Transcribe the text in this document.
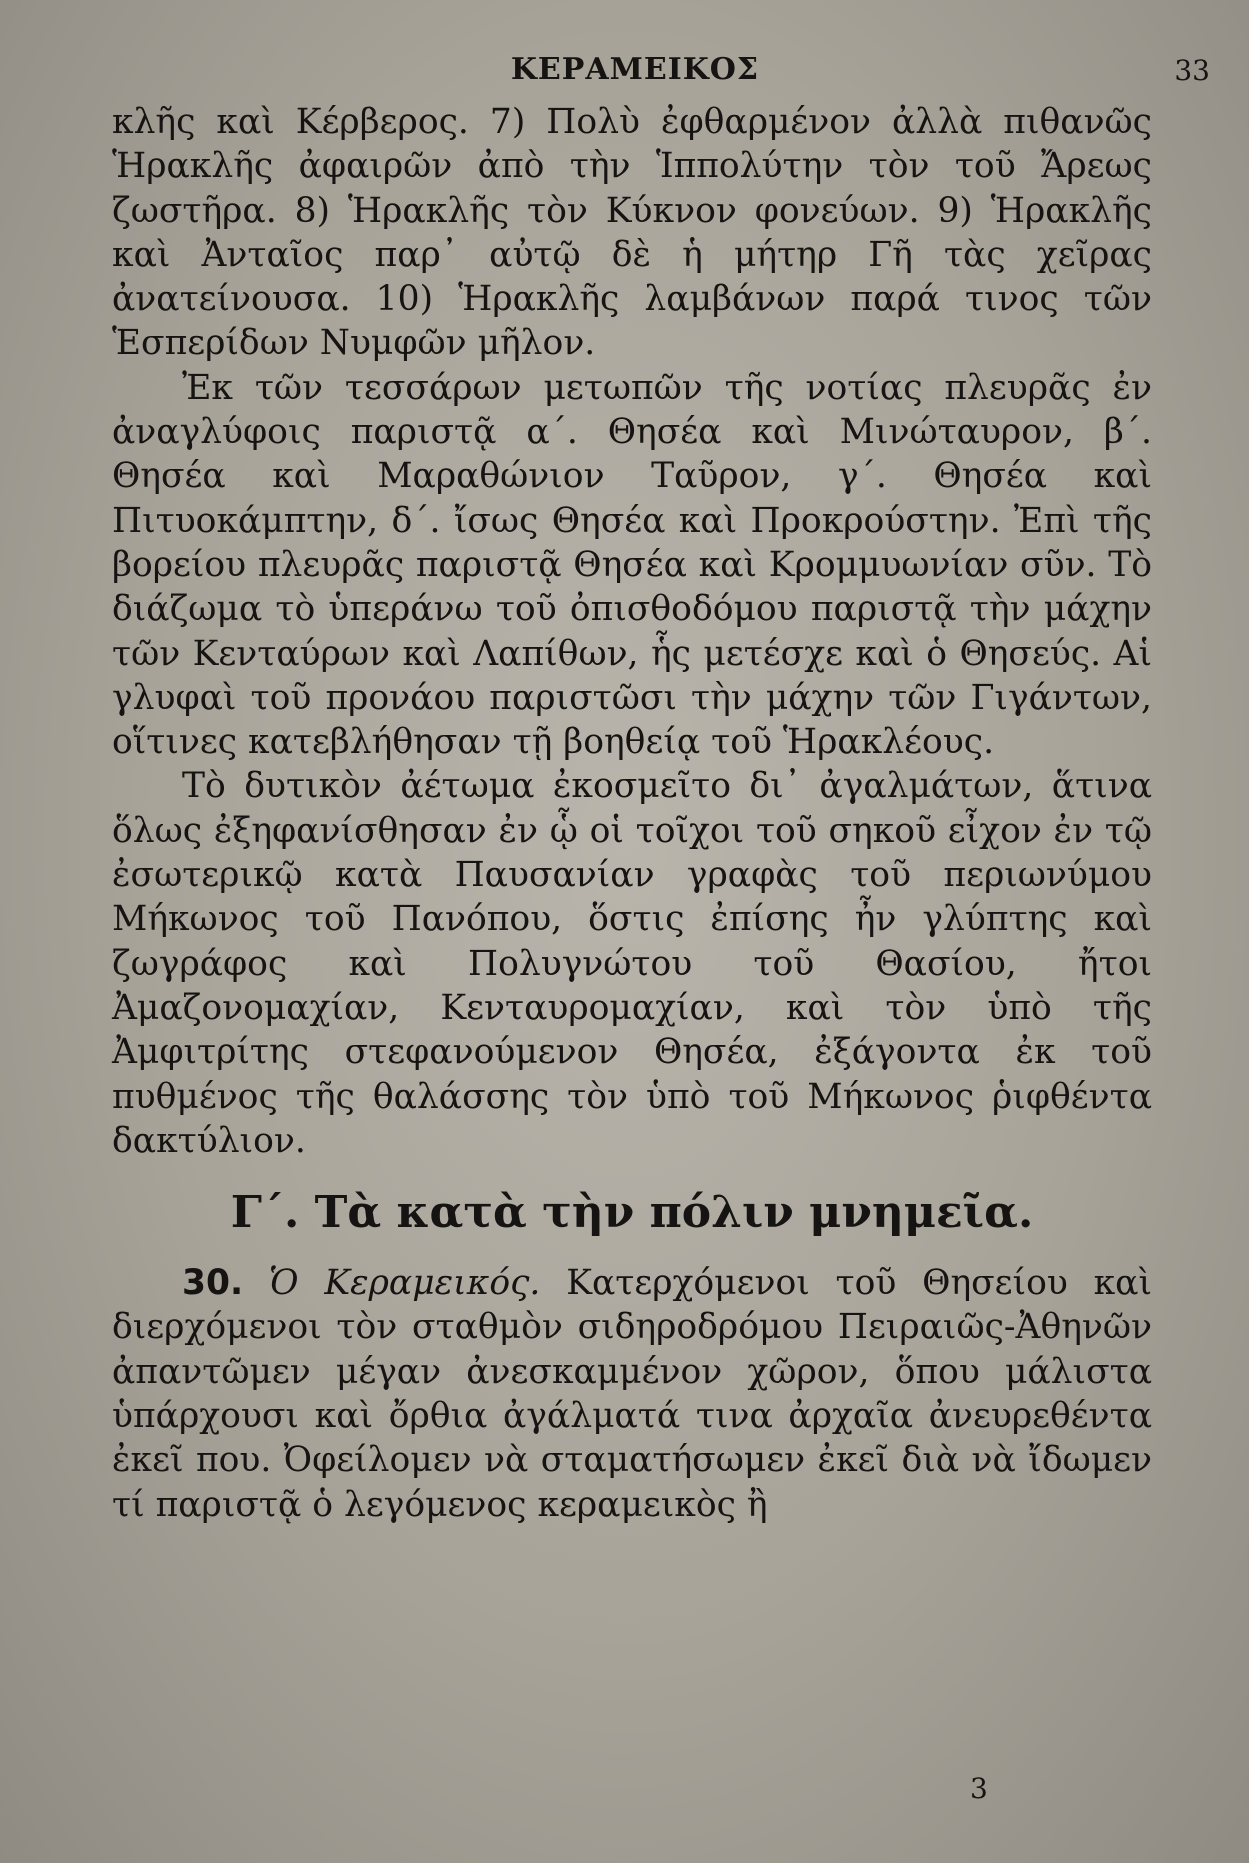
ΚΕΡΑΜΕΙΚΟΣ	33

κλῆς καὶ Κέρβερος. 7) Πολὺ ἐφθαρμένον ἀλλὰ πιθανῶς Ἡρακλῆς ἀφαιρῶν ἀπὸ τὴν Ἱππολύτην τὸν τοῦ Ἄρεως ζωστῆρα. 8) Ἡρακλῆς τὸν Κύκνον φονεύων. 9) Ἡρακλῆς καὶ Ἀνταῖος παρ᾽ αὐτῷ δὲ ἡ μήτηρ Γῆ τὰς χεῖρας ἀνατείνουσα. 10) Ἡρακλῆς λαμβάνων παρά τινος τῶν Ἑσπερίδων Νυμφῶν μῆλον.

Ἐκ τῶν τεσσάρων μετωπῶν τῆς νοτίας πλευρᾶς ἐν ἀναγλύφοις παριστᾷ α΄. Θησέα καὶ Μινώταυρον, β΄. Θησέα καὶ Μαραθώνιον Ταῦρον, γ΄. Θησέα καὶ Πιτυοκάμπτην, δ΄. ἴσως Θησέα καὶ Προκρούστην. Ἐπὶ τῆς βορείου πλευρᾶς παριστᾷ Θησέα καὶ Κρομμυωνίαν σῦν. Τὸ διάζωμα τὸ ὑπεράνω τοῦ ὀπισθοδόμου παριστᾷ τὴν μάχην τῶν Κενταύρων καὶ Λαπίθων, ἧς μετέσχε καὶ ὁ Θησεύς. Αἱ γλυφαὶ τοῦ προνάου παριστῶσι τὴν μάχην τῶν Γιγάντων, οἵτινες κατεβλήθησαν τῇ βοηθείᾳ τοῦ Ἡρακλέους.

Τὸ δυτικὸν ἀέτωμα ἐκοσμεῖτο δι᾽ ἀγαλμάτων, ἅτινα ὅλως ἐξηφανίσθησαν ἐν ᾧ οἱ τοῖχοι τοῦ σηκοῦ εἶχον ἐν τῷ ἐσωτερικῷ κατὰ Παυσανίαν γραφὰς τοῦ περιωνύμου Μήκωνος τοῦ Πανόπου, ὅστις ἐπίσης ἦν γλύπτης καὶ ζωγράφος καὶ Πολυγνώτου τοῦ Θασίου, ἤτοι Ἀμαζονομαχίαν, Κενταυρομαχίαν, καὶ τὸν ὑπὸ τῆς Ἀμφιτρίτης στεφανούμενον Θησέα, ἐξάγοντα ἐκ τοῦ πυθμένος τῆς θαλάσσης τὸν ὑπὸ τοῦ Μήκωνος ῥιφθέντα δακτύλιον.

Γ΄. Τὰ κατὰ τὴν πόλιν μνημεῖα.

30. Ὁ Κεραμεικός. Κατερχόμενοι τοῦ Θησείου καὶ διερχόμενοι τὸν σταθμὸν σιδηροδρόμου Πειραιῶς-Ἀθηνῶν ἀπαντῶμεν μέγαν ἀνεσκαμμένον χῶρον, ὅπου μάλιστα ὑπάρχουσι καὶ ὄρθια ἀγάλματά τινα ἀρχαῖα ἀνευρεθέντα ἐκεῖ που. Ὀφείλομεν νὰ σταματήσωμεν ἐκεῖ διὰ νὰ ἴδωμεν τί παριστᾷ ὁ λεγόμενος κεραμεικὸς ἢ

3
